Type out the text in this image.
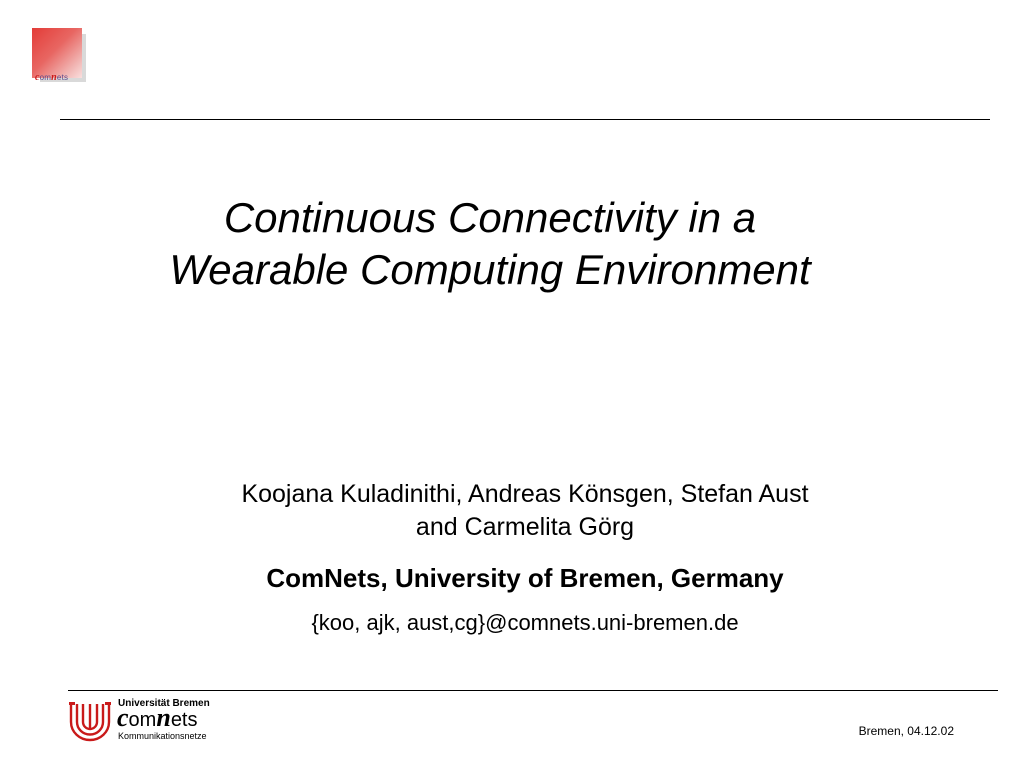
comnets
Continuous Connectivity in a
Wearable Computing Environment
Koojana Kuladinithi, Andreas Könsgen, Stefan Aust
and Carmelita Görg
ComNets, University of Bremen, Germany
{koo, ajk, aust,cg}@comnets.uni-bremen.de
Universität Bremen
comnets
Kommunikationsnetze	Bremen, 04.12.02
